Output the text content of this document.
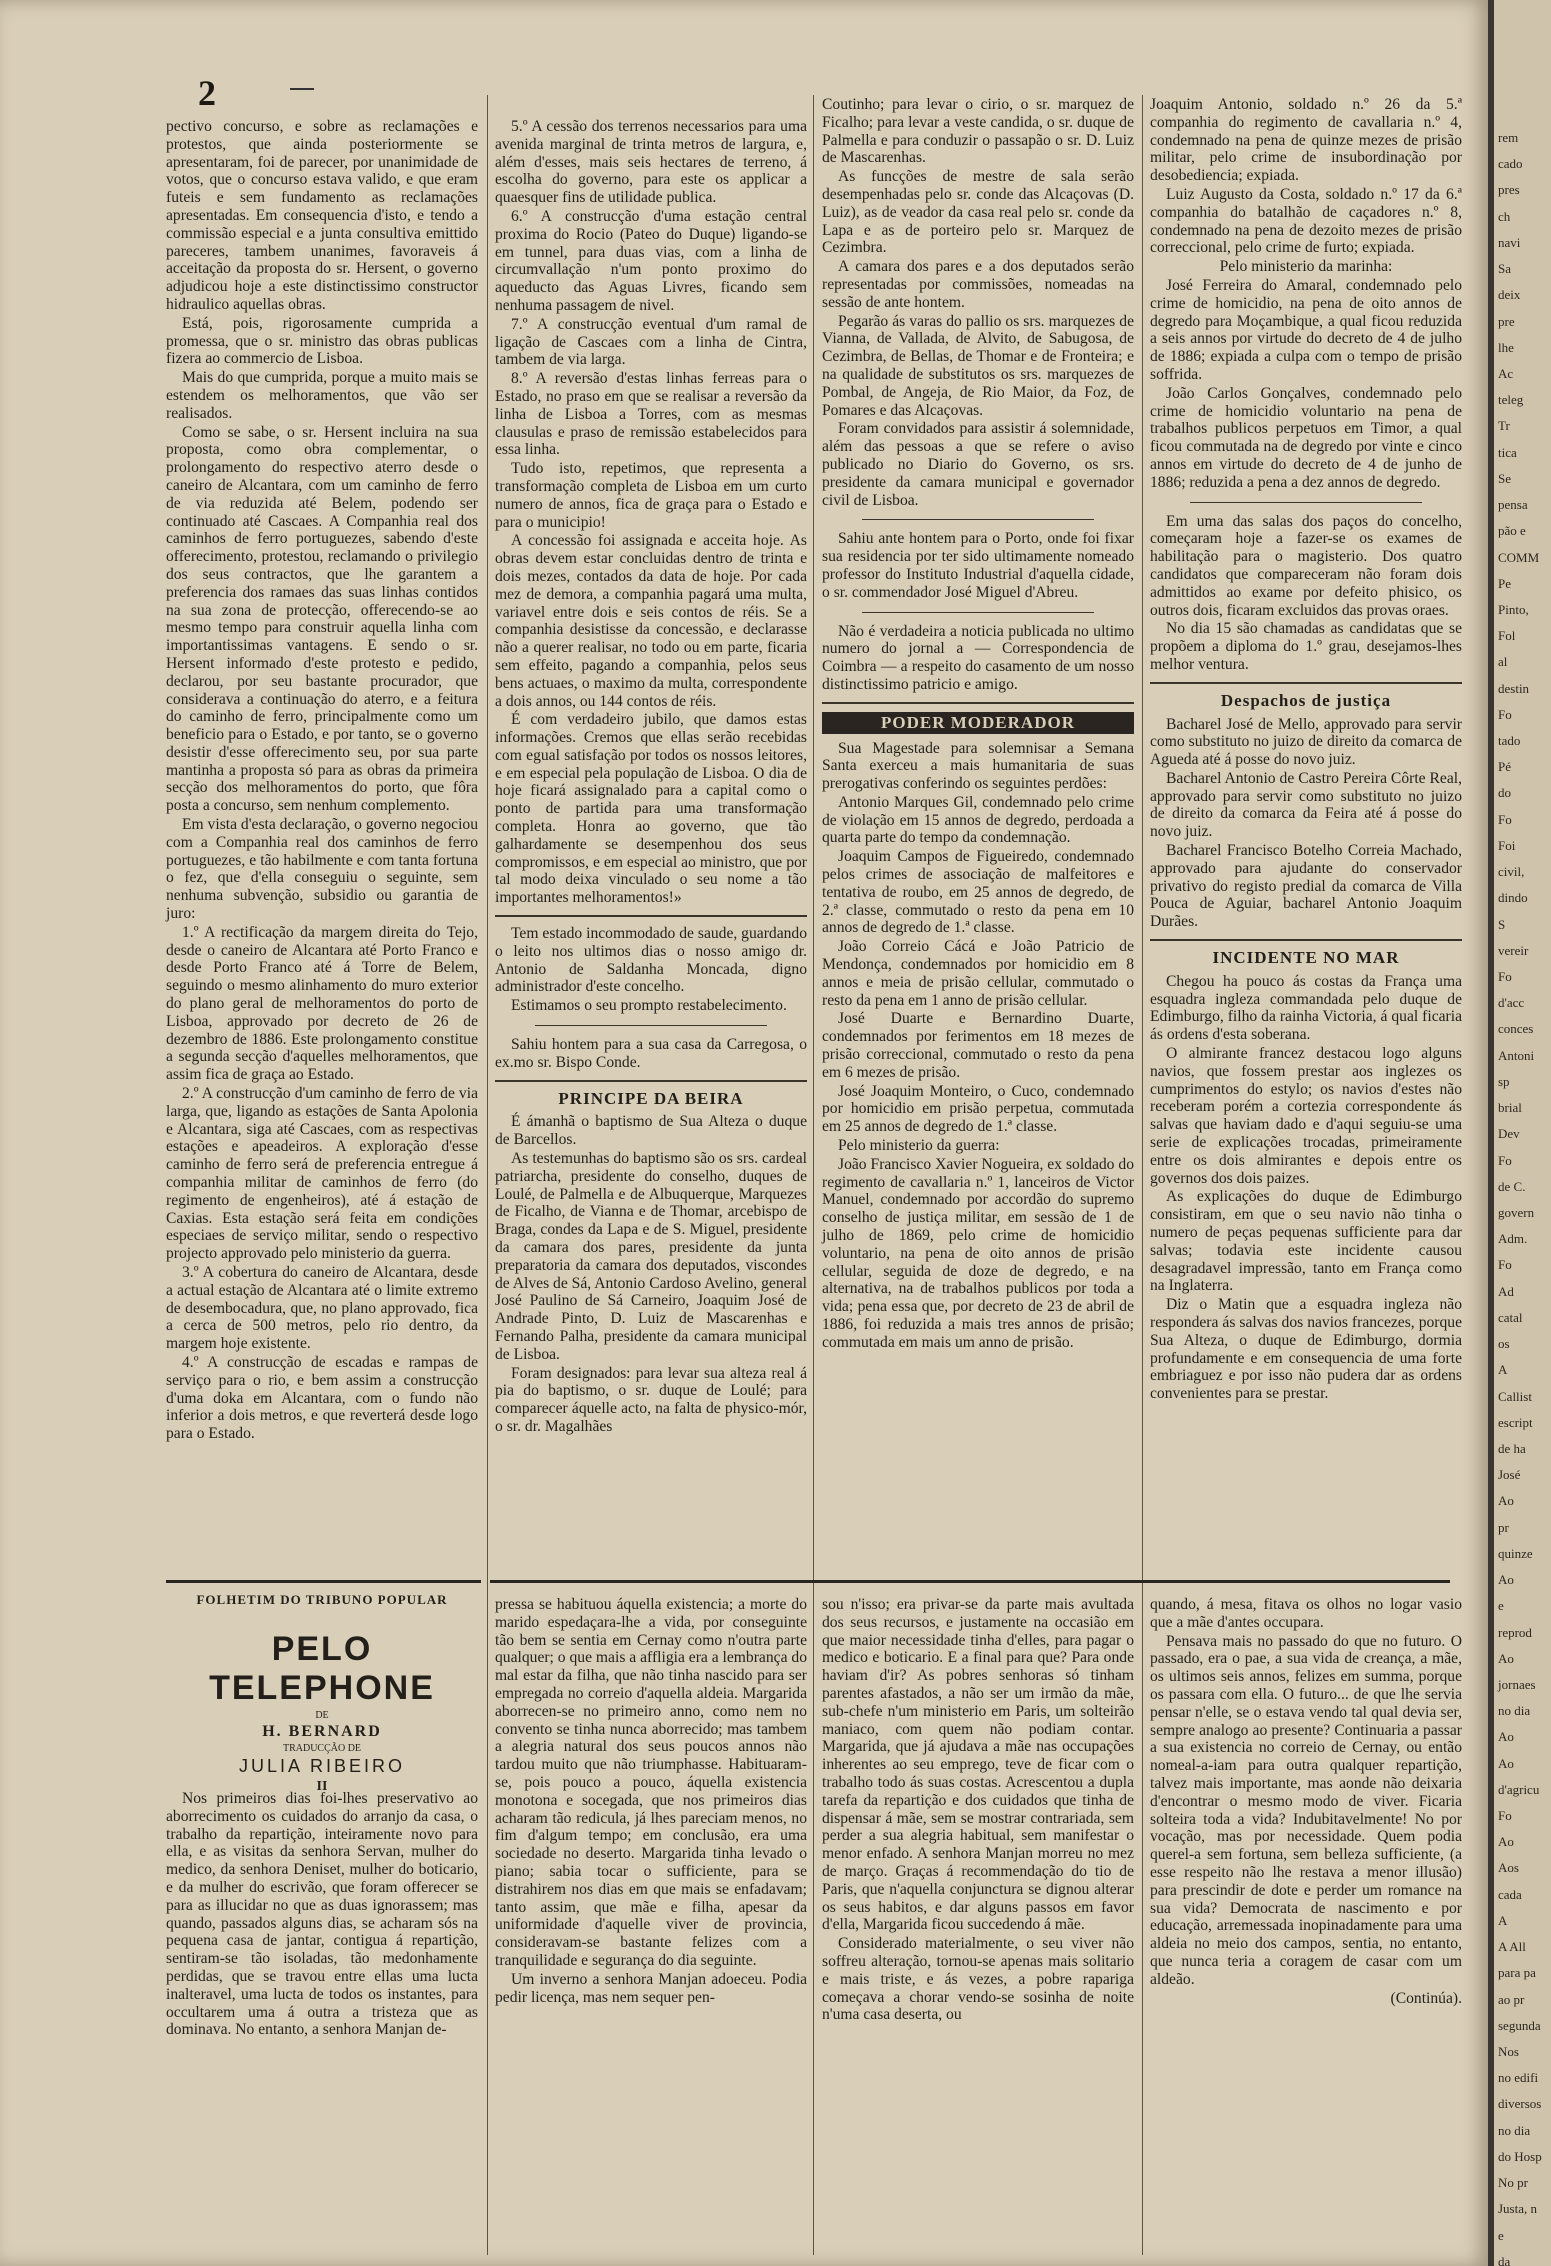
2

pectivo concurso, e sobre as reclamações e protestos, que ainda posteriormente se apresentaram, foi de parecer, por unanimidade de votos, que o concurso estava valido, e que eram futeis e sem fundamento as reclamações apresentadas. Em consequencia d'isto, e tendo a commissão especial e a junta consultiva emittido pareceres, tambem unanimes, favoraveis á acceitação da proposta do sr. Hersent, o governo adjudicou hoje a este distinctissimo constructor hidraulico aquellas obras.

Está, pois, rigorosamente cumprida a promessa, que o sr. ministro das obras publicas fizera ao commercio de Lisboa.

Mais do que cumprida, porque a muito mais se estendem os melhoramentos, que vão ser realisados.

Como se sabe, o sr. Hersent incluira na sua proposta, como obra complementar, o prolongamento do respectivo aterro desde o caneiro de Alcantara, com um caminho de ferro de via reduzida até Belem, podendo ser continuado até Cascaes. A Companhia real dos caminhos de ferro portuguezes, sabendo d'este offerecimento, protestou, reclamando o privilegio dos seus contractos, que lhe garantem a preferencia dos ramaes das suas linhas contidos na sua zona de protecção, offerecendo-se ao mesmo tempo para construir aquella linha com importantissimas vantagens. E sendo o sr. Hersent informado d'este protesto e pedido, declarou, por seu bastante procurador, que considerava a continuação do aterro, e a feitura do caminho de ferro, principalmente como um beneficio para o Estado, e por tanto, se o governo desistir d'esse offerecimento seu, por sua parte mantinha a proposta só para as obras da primeira secção dos melhoramentos do porto, que fôra posta a concurso, sem nenhum complemento.

Em vista d'esta declaração, o governo negociou com a Companhia real dos caminhos de ferro portuguezes, e tão habilmente e com tanta fortuna o fez, que d'ella conseguiu o seguinte, sem nenhuma subvenção, subsidio ou garantia de juro:

1.º A rectificação da margem direita do Tejo, desde o caneiro de Alcantara até Porto Franco e desde Porto Franco até á Torre de Belem, seguindo o mesmo alinhamento do muro exterior do plano geral de melhoramentos do porto de Lisboa, approvado por decreto de 26 de dezembro de 1886. Este prolongamento constitue a segunda secção d'aquelles melhoramentos, que assim fica de graça ao Estado.

2.º A construcção d'um caminho de ferro de via larga, que, ligando as estações de Santa Apolonia e Alcantara, siga até Cascaes, com as respectivas estações e apeadeiros. A exploração d'esse caminho de ferro será de preferencia entregue á companhia militar de caminhos de ferro (do regimento de engenheiros), até á estação de Caxias. Esta estação será feita em condições especiaes de serviço militar, sendo o respectivo projecto approvado pelo ministerio da guerra.

3.º A cobertura do caneiro de Alcantara, desde a actual estação de Alcantara até o limite extremo de desembocadura, que, no plano approvado, fica a cerca de 500 metros, pelo rio dentro, da margem hoje existente.

4.º A construcção de escadas e rampas de serviço para o rio, e bem assim a construcção d'uma doka em Alcantara, com o fundo não inferior a dois metros, e que reverterá desde logo para o Estado.

5.º A cessão dos terrenos necessarios para uma avenida marginal de trinta metros de largura, e, além d'esses, mais seis hectares de terreno, á escolha do governo, para este os applicar a quaesquer fins de utilidade publica.

6.º A construcção d'uma estação central proxima do Rocio (Pateo do Duque) ligando-se em tunnel, para duas vias, com a linha de circumvallação n'um ponto proximo do aqueducto das Aguas Livres, ficando sem nenhuma passagem de nivel.

7.º A construcção eventual d'um ramal de ligação de Cascaes com a linha de Cintra, tambem de via larga.

8.º A reversão d'estas linhas ferreas para o Estado, no praso em que se realisar a reversão da linha de Lisboa a Torres, com as mesmas clausulas e praso de remissão estabelecidos para essa linha.

Tudo isto, repetimos, que representa a transformação completa de Lisboa em um curto numero de annos, fica de graça para o Estado e para o municipio!

A concessão foi assignada e acceita hoje. As obras devem estar concluidas dentro de trinta e dois mezes, contados da data de hoje. Por cada mez de demora, a companhia pagará uma multa, variavel entre dois e seis contos de réis. Se a companhia desistisse da concessão, e declarasse não a querer realisar, no todo ou em parte, ficaria sem effeito, pagando a companhia, pelos seus bens actuaes, o maximo da multa, correspondente a dois annos, ou 144 contos de réis.

É com verdadeiro jubilo, que damos estas informações. Cremos que ellas serão recebidas com egual satisfação por todos os nossos leitores, e em especial pela população de Lisboa. O dia de hoje ficará assignalado para a capital como o ponto de partida para uma transformação completa. Honra ao governo, que tão galhardamente se desempenhou dos seus compromissos, e em especial ao ministro, que por tal modo deixa vinculado o seu nome a tão importantes melhoramentos!»

Tem estado incommodado de saude, guardando o leito nos ultimos dias o nosso amigo dr. Antonio de Saldanha Moncada, digno administrador d'este concelho.

Estimamos o seu prompto restabelecimento.

Sahiu hontem para a sua casa da Carregosa, o ex.mo sr. Bispo Conde.

PRINCIPE DA BEIRA

É ámanhã o baptismo de Sua Alteza o duque de Barcellos.

As testemunhas do baptismo são os srs. cardeal patriarcha, presidente do conselho, duques de Loulé, de Palmella e de Albuquerque, Marquezes de Ficalho, de Vianna e de Thomar, arcebispo de Braga, condes da Lapa e de S. Miguel, presidente da camara dos pares, presidente da junta preparatoria da camara dos deputados, viscondes de Alves de Sá, Antonio Cardoso Avelino, general José Paulino de Sá Carneiro, Joaquim José de Andrade Pinto, D. Luiz de Mascarenhas e Fernando Palha, presidente da camara municipal de Lisboa.

Foram designados: para levar sua alteza real á pia do baptismo, o sr. duque de Loulé; para comparecer áquelle acto, na falta de physico-mór, o sr. dr. Magalhães

Coutinho; para levar o cirio, o sr. marquez de Ficalho; para levar a veste candida, o sr. duque de Palmella e para conduzir o passapão o sr. D. Luiz de Mascarenhas.

As funcções de mestre de sala serão desempenhadas pelo sr. conde das Alcaçovas (D. Luiz), as de veador da casa real pelo sr. conde da Lapa e as de porteiro pelo sr. Marquez de Cezimbra.

A camara dos pares e a dos deputados serão representadas por commissões, nomeadas na sessão de ante hontem.

Pegarão ás varas do pallio os srs. marquezes de Vianna, de Vallada, de Alvito, de Sabugosa, de Cezimbra, de Bellas, de Thomar e de Fronteira; e na qualidade de substitutos os srs. marquezes de Pombal, de Angeja, de Rio Maior, da Foz, de Pomares e das Alcaçovas.

Foram convidados para assistir á solemnidade, além das pessoas a que se refere o aviso publicado no Diario do Governo, os srs. presidente da camara municipal e governador civil de Lisboa.

Sahiu ante hontem para o Porto, onde foi fixar sua residencia por ter sido ultimamente nomeado professor do Instituto Industrial d'aquella cidade, o sr. commendador José Miguel d'Abreu.

Não é verdadeira a noticia publicada no ultimo numero do jornal a — Correspondencia de Coimbra — a respeito do casamento de um nosso distinctissimo patricio e amigo.

PODER MODERADOR

Sua Magestade para solemnisar a Semana Santa exerceu a mais humanitaria de suas prerogativas conferindo os seguintes perdões:

Antonio Marques Gil, condemnado pelo crime de violação em 15 annos de degredo, perdoada a quarta parte do tempo da condemnação.

Joaquim Campos de Figueiredo, condemnado pelos crimes de associação de malfeitores e tentativa de roubo, em 25 annos de degredo, de 2.ª classe, commutado o resto da pena em 10 annos de degredo de 1.ª classe.

João Correio Cácá e João Patricio de Mendonça, condemnados por homicidio em 8 annos e meia de prisão cellular, commutado o resto da pena em 1 anno de prisão cellular.

José Duarte e Bernardino Duarte, condemnados por ferimentos em 18 mezes de prisão correccional, commutado o resto da pena em 6 mezes de prisão.

José Joaquim Monteiro, o Cuco, condemnado por homicidio em prisão perpetua, commutada em 25 annos de degredo de 1.ª classe.

Pelo ministerio da guerra:

João Francisco Xavier Nogueira, ex soldado do regimento de cavallaria n.º 1, lanceiros de Victor Manuel, condemnado por accordão do supremo conselho de justiça militar, em sessão de 1 de julho de 1869, pelo crime de homicidio voluntario, na pena de oito annos de prisão cellular, seguida de doze de degredo, e na alternativa, na de trabalhos publicos por toda a vida; pena essa que, por decreto de 23 de abril de 1886, foi reduzida a mais tres annos de prisão; commutada em mais um anno de prisão.

Joaquim Antonio, soldado n.º 26 da 5.ª companhia do regimento de cavallaria n.º 4, condemnado na pena de quinze mezes de prisão militar, pelo crime de insubordinação por desobediencia; expiada.

Luiz Augusto da Costa, soldado n.º 17 da 6.ª companhia do batalhão de caçadores n.º 8, condemnado na pena de dezoito mezes de prisão correccional, pelo crime de furto; expiada.

Pelo ministerio da marinha:

José Ferreira do Amaral, condemnado pelo crime de homicidio, na pena de oito annos de degredo para Moçambique, a qual ficou reduzida a seis annos por virtude do decreto de 4 de julho de 1886; expiada a culpa com o tempo de prisão soffrida.

João Carlos Gonçalves, condemnado pelo crime de homicidio voluntario na pena de trabalhos publicos perpetuos em Timor, a qual ficou commutada na de degredo por vinte e cinco annos em virtude do decreto de 4 de junho de 1886; reduzida a pena a dez annos de degredo.

Em uma das salas dos paços do concelho, começaram hoje a fazer-se os exames de habilitação para o magisterio. Dos quatro candidatos que compareceram não foram dois admittidos ao exame por defeito phisico, os outros dois, ficaram excluidos das provas oraes.

No dia 15 são chamadas as candidatas que se propõem a diploma do 1.º grau, desejamos-lhes melhor ventura.

Despachos de justiça

Bacharel José de Mello, approvado para servir como substituto no juizo de direito da comarca de Agueda até á posse do novo juiz.

Bacharel Antonio de Castro Pereira Côrte Real, approvado para servir como substituto no juizo de direito da comarca da Feira até á posse do novo juiz.

Bacharel Francisco Botelho Correia Machado, approvado para ajudante do conservador privativo do registo predial da comarca de Villa Pouca de Aguiar, bacharel Antonio Joaquim Durães.

INCIDENTE NO MAR

Chegou ha pouco ás costas da França uma esquadra ingleza commandada pelo duque de Edimburgo, filho da rainha Victoria, á qual ficaria ás ordens d'esta soberana.

O almirante francez destacou logo alguns navios, que fossem prestar aos inglezes os cumprimentos do estylo; os navios d'estes não receberam porém a cortezia correspondente ás salvas que haviam dado e d'aqui seguiu-se uma serie de explicações trocadas, primeiramente entre os dois almirantes e depois entre os governos dos dois paizes.

As explicações do duque de Edimburgo consistiram, em que o seu navio não tinha o numero de peças pequenas sufficiente para dar salvas; todavia este incidente causou desagradavel impressão, tanto em França como na Inglaterra.

Diz o Matin que a esquadra ingleza não respondera ás salvas dos navios francezes, porque Sua Alteza, o duque de Edimburgo, dormia profundamente e em consequencia de uma forte embriaguez e por isso não pudera dar as ordens convenientes para se prestar.

FOLHETIM DO TRIBUNO POPULAR
PELO TELEPHONE
DE
H. BERNARD
TRADUCÇÃO DE
JULIA RIBEIRO
II

Nos primeiros dias foi-lhes preservativo ao aborrecimento os cuidados do arranjo da casa, o trabalho da repartição, inteiramente novo para ella, e as visitas da senhora Servan, mulher do medico, da senhora Deniset, mulher do boticario, e da mulher do escrivão, que foram offerecer se para as illucidar no que as duas ignorassem; mas quando, passados alguns dias, se acharam sós na pequena casa de jantar, contigua á repartição, sentiram-se tão isoladas, tão medonhamente perdidas, que se travou entre ellas uma lucta inalteravel, uma lucta de todos os instantes, para occultarem uma á outra a tristeza que as dominava. No entanto, a senhora Manjan de-

pressa se habituou áquella existencia; a morte do marido espedaçara-lhe a vida, por conseguinte tão bem se sentia em Cernay como n'outra parte qualquer; o que mais a affligia era a lembrança do mal estar da filha, que não tinha nascido para ser empregada no correio d'aquella aldeia. Margarida aborrecen-se no primeiro anno, como nem no convento se tinha nunca aborrecido; mas tambem a alegria natural dos seus poucos annos não tardou muito que não triumphasse. Habituaram-se, pois pouco a pouco, áquella existencia monotona e socegada, que nos primeiros dias acharam tão redicula, já lhes pareciam menos, no fim d'algum tempo; em conclusão, era uma sociedade no deserto. Margarida tinha levado o piano; sabia tocar o sufficiente, para se distrahirem nos dias em que mais se enfadavam; tanto assim, que mãe e filha, apesar da uniformidade d'aquelle viver de provincia, consideravam-se bastante felizes com a tranquilidade e segurança do dia seguinte.

Um inverno a senhora Manjan adoeceu. Podia pedir licença, mas nem sequer pen-

sou n'isso; era privar-se da parte mais avultada dos seus recursos, e justamente na occasião em que maior necessidade tinha d'elles, para pagar o medico e boticario. E a final para que? Para onde haviam d'ir? As pobres senhoras só tinham parentes afastados, a não ser um irmão da mãe, sub-chefe n'um ministerio em Paris, um solteirão maniaco, com quem não podiam contar. Margarida, que já ajudava a mãe nas occupações inherentes ao seu emprego, teve de ficar com o trabalho todo ás suas costas. Acrescentou a dupla tarefa da repartição e dos cuidados que tinha de dispensar á mãe, sem se mostrar contrariada, sem perder a sua alegria habitual, sem manifestar o menor enfado. A senhora Manjan morreu no mez de março. Graças á recommendação do tio de Paris, que n'aquella conjunctura se dignou alterar os seus habitos, e dar alguns passos em favor d'ella, Margarida ficou succedendo á mãe.

Considerado materialmente, o seu viver não soffreu alteração, tornou-se apenas mais solitario e mais triste, e ás vezes, a pobre rapariga começava a chorar vendo-se sosinha de noite n'uma casa deserta, ou

quando, á mesa, fitava os olhos no logar vasio que a mãe d'antes occupara.

Pensava mais no passado do que no futuro. O passado, era o pae, a sua vida de creança, a mãe, os ultimos seis annos, felizes em summa, porque os passara com ella. O futuro... de que lhe servia pensar n'elle, se o estava vendo tal qual devia ser, sempre analogo ao presente? Continuaria a passar a sua existencia no correio de Cernay, ou então nomeal-a-iam para outra qualquer repartição, talvez mais importante, mas aonde não deixaria d'encontrar o mesmo modo de viver. Ficaria solteira toda a vida? Indubitavelmente! No por vocação, mas por necessidade. Quem podia querel-a sem fortuna, sem belleza sufficiente, (a esse respeito não lhe restava a menor illusão) para prescindir de dote e perder um romance na sua vida? Democrata de nascimento e por educação, arremessada inopinadamente para uma aldeia no meio dos campos, sentia, no entanto, que nunca teria a coragem de casar com um aldeão.

(Continúa).

rem
cado
pres
ch
navi
Sa
deix
pre
lhe
Ac
teleg
Tr
tica
Se
pensa
pão e
COMM
Pe
Pinto,
Fol
al
destin
Fo
tado
Pé
do
Fo
Foi
civil,
dindo
S
vereir
Fo
d'acc
conces
Antoni
sp
brial
Dev
Fo
de C.
govern
Adm.
Fo
Ad
catal
os
A
Callist
escript
de ha
José
Ao
pr
quinze
Ao
e
reprod
Ao
jornaes
no dia
Ao
Ao
d'agricu
Fo
Ao
Aos
cada
A
A All
para pa
ao pr
segunda
Nos
no edifi
diversos
no dia
do Hosp
No pr
Justa, n
e
da
